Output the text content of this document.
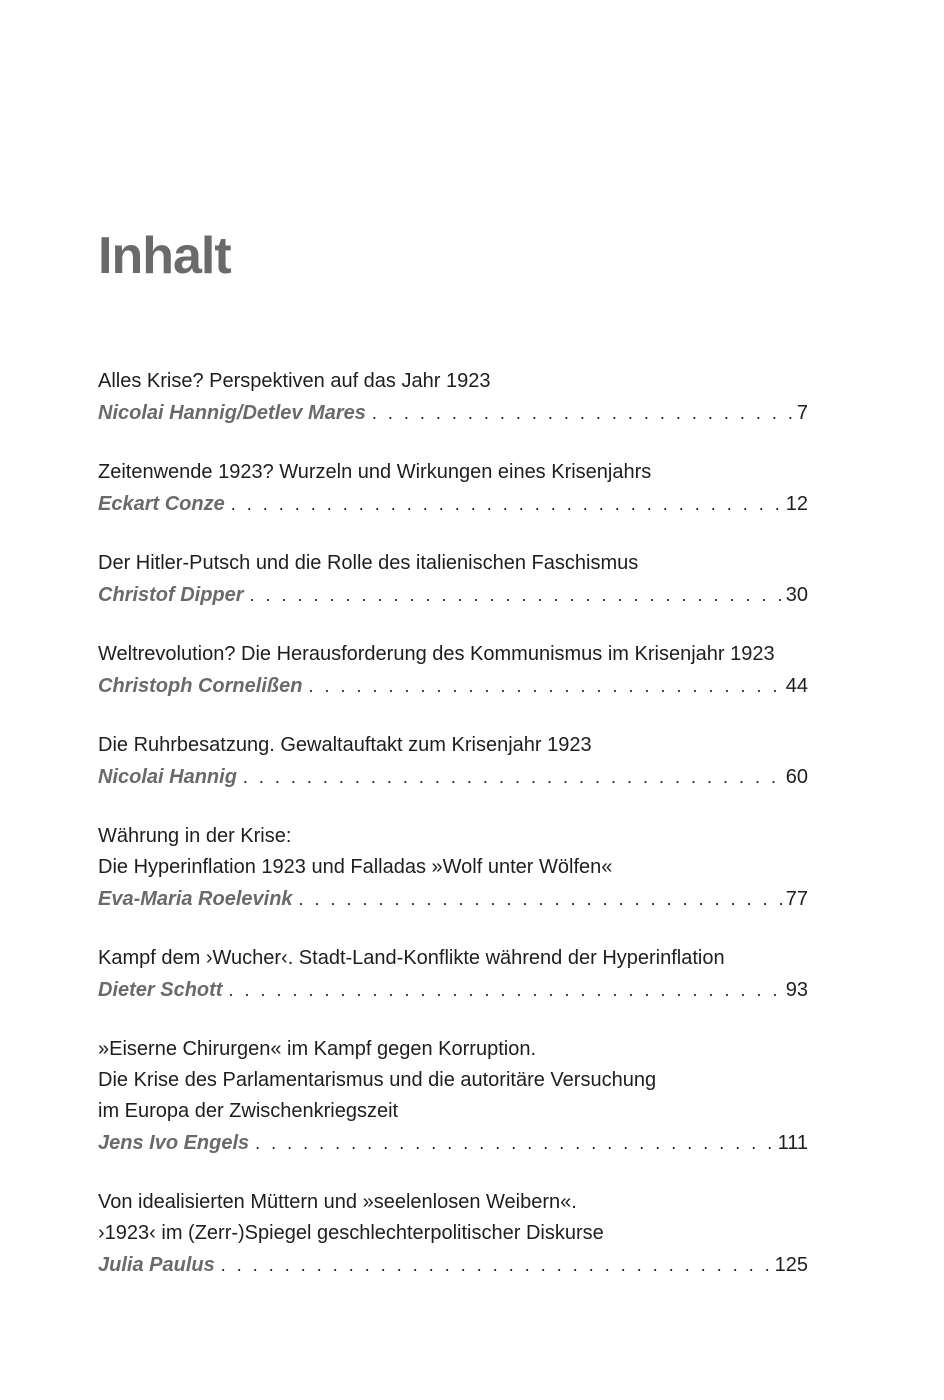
Inhalt
Alles Krise? Perspektiven auf das Jahr 1923
Nicolai Hannig/Detlev Mares . . .	7
Zeitenwende 1923? Wurzeln und Wirkungen eines Krisenjahrs
Eckart Conze . . .	12
Der Hitler-Putsch und die Rolle des italienischen Faschismus
Christof Dipper . . .	30
Weltrevolution? Die Herausforderung des Kommunismus im Krisenjahr 1923
Christoph Cornelißen . . .	44
Die Ruhrbesatzung. Gewaltauftakt zum Krisenjahr 1923
Nicolai Hannig . . .	60
Währung in der Krise:
Die Hyperinflation 1923 und Falladas »Wolf unter Wölfen«
Eva-Maria Roelevink . . .	77
Kampf dem ›Wucher‹. Stadt-Land-Konflikte während der Hyperinflation
Dieter Schott . . .	93
»Eiserne Chirurgen« im Kampf gegen Korruption.
Die Krise des Parlamentarismus und die autoritäre Versuchung
im Europa der Zwischenkriegszeit
Jens Ivo Engels . . .	111
Von idealisierten Müttern und »seelenlosen Weibern«.
›1923‹ im (Zerr-)Spiegel geschlechterpolitischer Diskurse
Julia Paulus . . .	125
